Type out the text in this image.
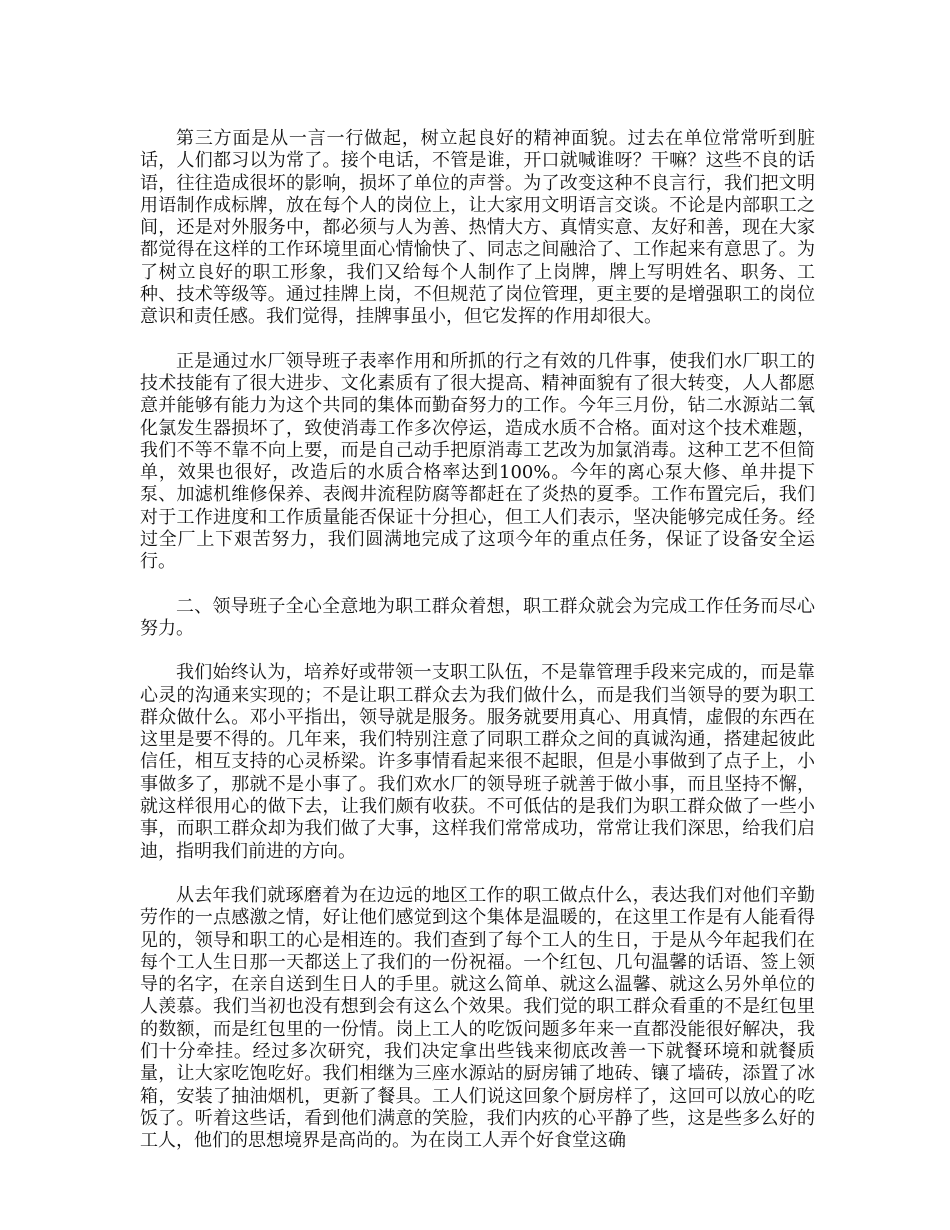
第三方面是从一言一行做起，树立起良好的精神面貌。过去在单位常常听到脏话，人们都习以为常了。接个电话，不管是谁，开口就喊谁呀？干嘛？这些不良的话语，往往造成很坏的影响，损坏了单位的声誉。为了改变这种不良言行，我们把文明用语制作成标牌，放在每个人的岗位上，让大家用文明语言交谈。不论是内部职工之间，还是对外服务中，都必须与人为善、热情大方、真情实意、友好和善，现在大家都觉得在这样的工作环境里面心情愉快了、同志之间融洽了、工作起来有意思了。为了树立良好的职工形象，我们又给每个人制作了上岗牌，牌上写明姓名、职务、工种、技术等级等。通过挂牌上岗，不但规范了岗位管理，更主要的是增强职工的岗位意识和责任感。我们觉得，挂牌事虽小，但它发挥的作用却很大。

正是通过水厂领导班子表率作用和所抓的行之有效的几件事，使我们水厂职工的技术技能有了很大进步、文化素质有了很大提高、精神面貌有了很大转变，人人都愿意并能够有能力为这个共同的集体而勤奋努力的工作。今年三月份，钻二水源站二氧化氯发生器损坏了，致使消毒工作多次停运，造成水质不合格。面对这个技术难题，我们不等不靠不向上要，而是自己动手把原消毒工艺改为加氯消毒。这种工艺不但简单，效果也很好，改造后的水质合格率达到100%。今年的离心泵大修、单井提下泵、加滤机维修保养、表阀井流程防腐等都赶在了炎热的夏季。工作布置完后，我们对于工作进度和工作质量能否保证十分担心，但工人们表示，坚决能够完成任务。经过全厂上下艰苦努力，我们圆满地完成了这项今年的重点任务，保证了设备安全运行。

二、领导班子全心全意地为职工群众着想，职工群众就会为完成工作任务而尽心努力。

我们始终认为，培养好或带领一支职工队伍，不是靠管理手段来完成的，而是靠心灵的沟通来实现的；不是让职工群众去为我们做什么，而是我们当领导的要为职工群众做什么。邓小平指出，领导就是服务。服务就要用真心、用真情，虚假的东西在这里是要不得的。几年来，我们特别注意了同职工群众之间的真诚沟通，搭建起彼此信任，相互支持的心灵桥梁。许多事情看起来很不起眼，但是小事做到了点子上，小事做多了，那就不是小事了。我们欢水厂的领导班子就善于做小事，而且坚持不懈，就这样很用心的做下去，让我们颇有收获。不可低估的是我们为职工群众做了一些小事，而职工群众却为我们做了大事，这样我们常常成功，常常让我们深思，给我们启迪，指明我们前进的方向。

从去年我们就琢磨着为在边远的地区工作的职工做点什么，表达我们对他们辛勤劳作的一点感激之情，好让他们感觉到这个集体是温暖的，在这里工作是有人能看得见的，领导和职工的心是相连的。我们查到了每个工人的生日，于是从今年起我们在每个工人生日那一天都送上了我们的一份祝福。一个红包、几句温馨的话语、签上领导的名字，在亲自送到生日人的手里。就这么简单、就这么温馨、就这么另外单位的人羡慕。我们当初也没有想到会有这么个效果。我们觉的职工群众看重的不是红包里的数额，而是红包里的一份情。岗上工人的吃饭问题多年来一直都没能很好解决，我们十分牵挂。经过多次研究，我们决定拿出些钱来彻底改善一下就餐环境和就餐质量，让大家吃饱吃好。我们相继为三座水源站的厨房铺了地砖、镶了墙砖，添置了冰箱，安装了抽油烟机，更新了餐具。工人们说这回象个厨房样了，这回可以放心的吃饭了。听着这些话，看到他们满意的笑脸，我们内疚的心平静了些，这是些多么好的工人，他们的思想境界是高尚的。为在岗工人弄个好食堂这确
